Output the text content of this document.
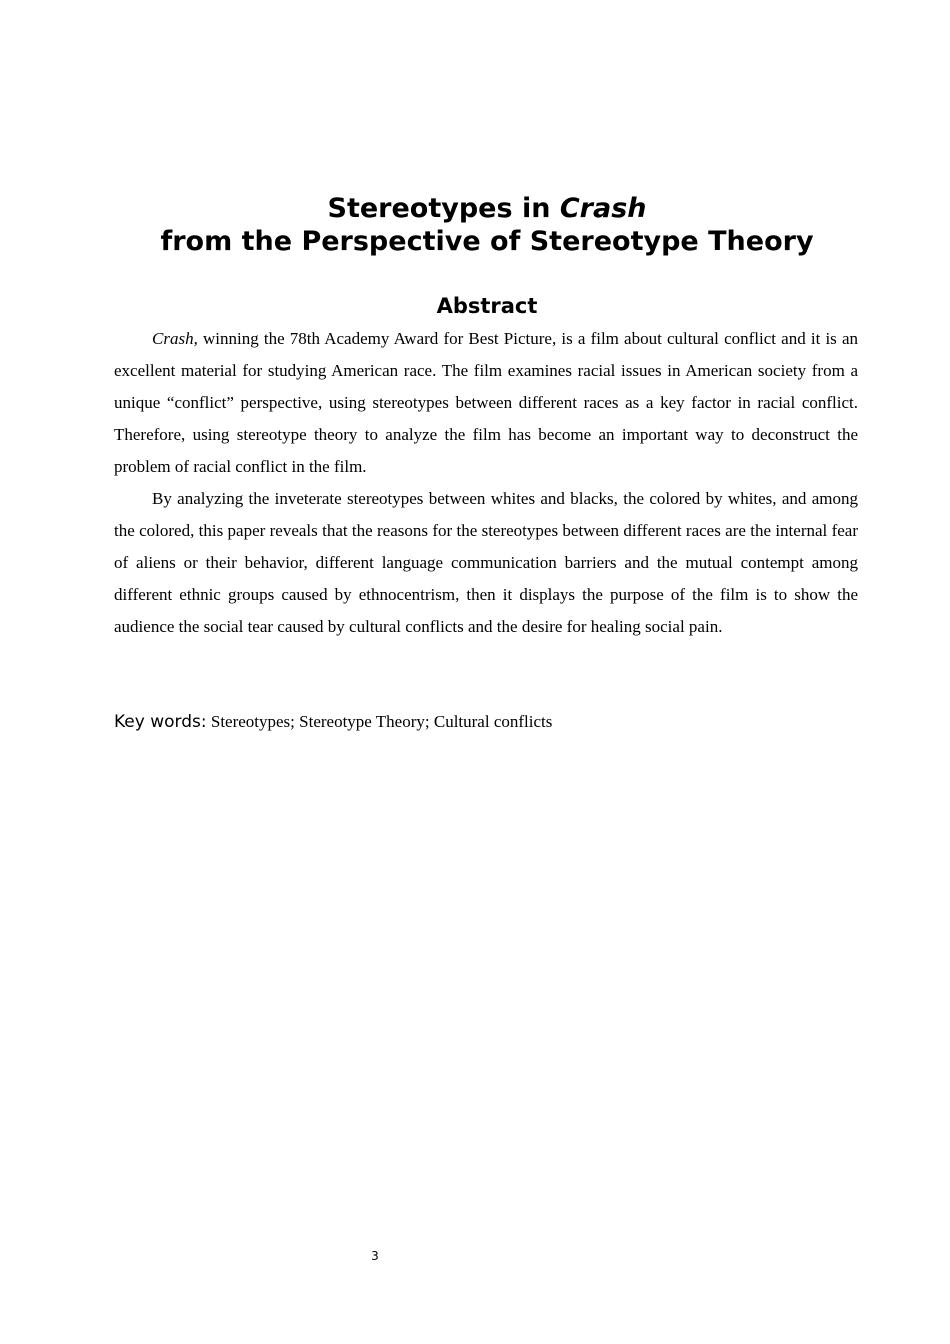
Stereotypes in Crash
from the Perspective of Stereotype Theory
Abstract

Crash, winning the 78th Academy Award for Best Picture, is a film about cultural conflict and it is an excellent material for studying American race. The film examines racial issues in American society from a unique “conflict” perspective, using stereotypes between different races as a key factor in racial conflict. Therefore, using stereotype theory to analyze the film has become an important way to deconstruct the problem of racial conflict in the film.

By analyzing the inveterate stereotypes between whites and blacks, the colored by whites, and among the colored, this paper reveals that the reasons for the stereotypes between different races are the internal fear of aliens or their behavior, different language communication barriers and the mutual contempt among different ethnic groups caused by ethnocentrism, then it displays the purpose of the film is to show the audience the social tear caused by cultural conflicts and the desire for healing social pain.

Key words: Stereotypes; Stereotype Theory; Cultural conflicts
3
